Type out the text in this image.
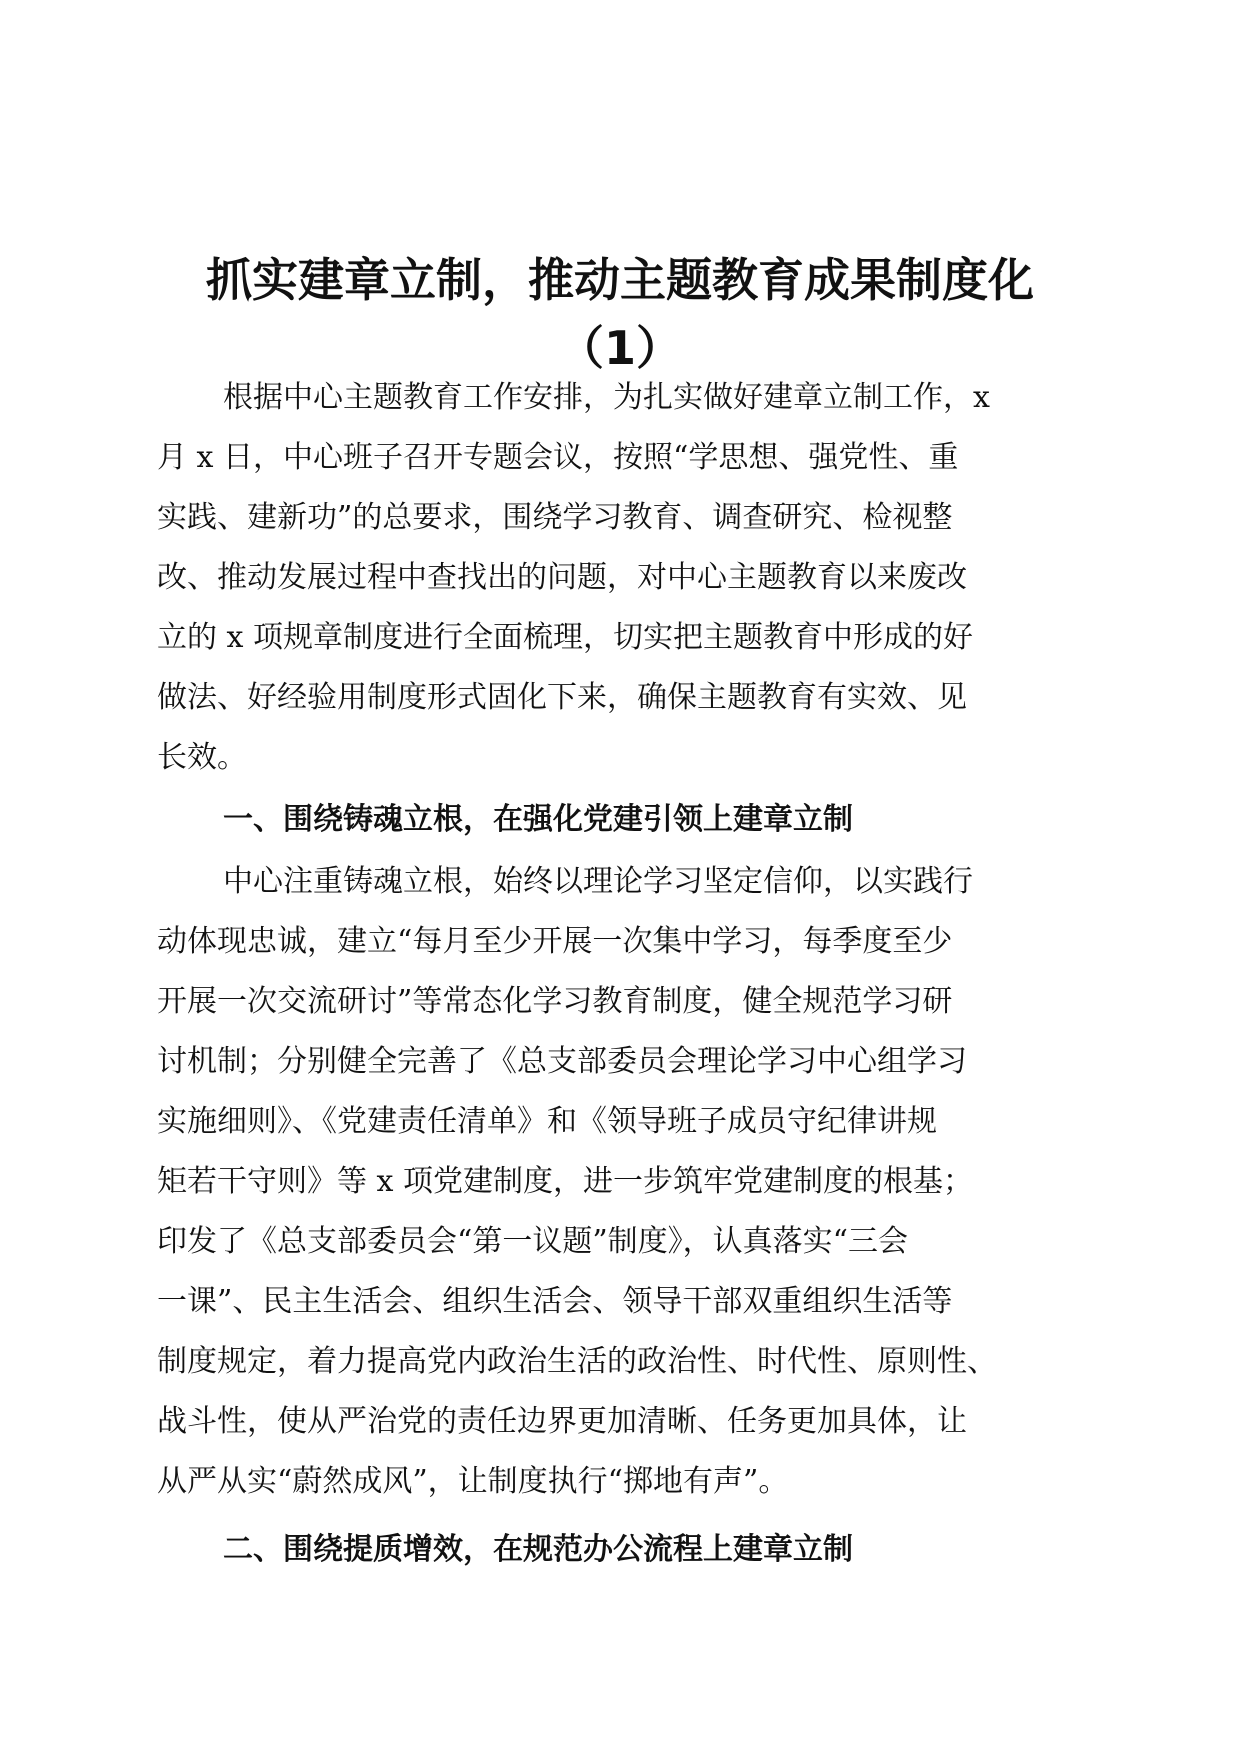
抓实建章立制，推动主题教育成果制度化
（1）
根据中心主题教育工作安排，为扎实做好建章立制工作，x
月 x 日，中心班子召开专题会议，按照“学思想、强党性、重
实践、建新功”的总要求，围绕学习教育、调查研究、检视整
改、推动发展过程中查找出的问题，对中心主题教育以来废改
立的 x 项规章制度进行全面梳理，切实把主题教育中形成的好
做法、好经验用制度形式固化下来，确保主题教育有实效、见
长效。
一、围绕铸魂立根，在强化党建引领上建章立制
中心注重铸魂立根，始终以理论学习坚定信仰，以实践行
动体现忠诚，建立“每月至少开展一次集中学习，每季度至少
开展一次交流研讨”等常态化学习教育制度，健全规范学习研
讨机制；分别健全完善了《总支部委员会理论学习中心组学习
实施细则》、《党建责任清单》和《领导班子成员守纪律讲规
矩若干守则》等 x 项党建制度，进一步筑牢党建制度的根基；
印发了《总支部委员会“第一议题”制度》，认真落实“三会
一课”、民主生活会、组织生活会、领导干部双重组织生活等
制度规定，着力提高党内政治生活的政治性、时代性、原则性、
战斗性，使从严治党的责任边界更加清晰、任务更加具体，让
从严从实“蔚然成风”，让制度执行“掷地有声”。
二、围绕提质增效，在规范办公流程上建章立制
